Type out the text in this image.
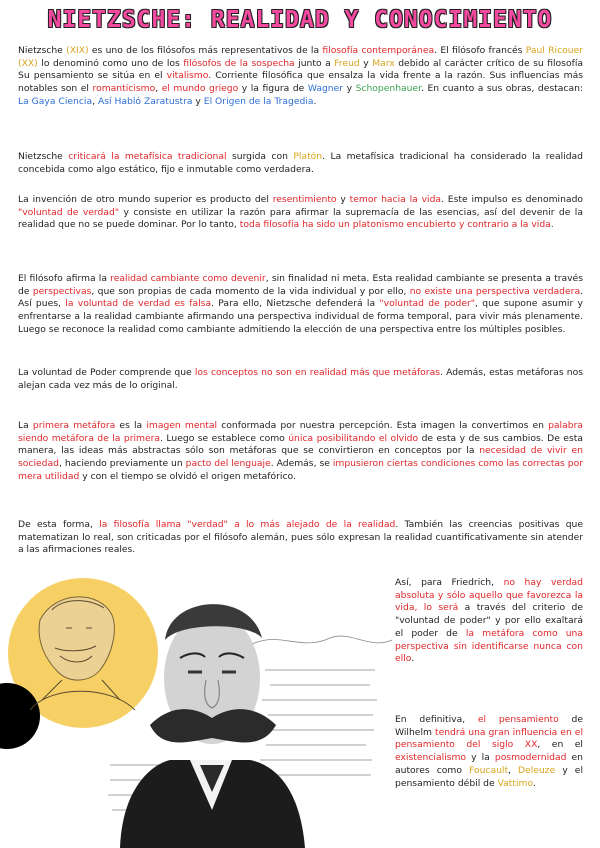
NIETZSCHE: REALIDAD Y CONOCIMIENTO

Nietzsche (XIX) es uno de los filósofos más representativos de la filosofía contemporánea. El filósofo francés Paul Ricouer (XX) lo denominó como uno de los filósofos de la sospecha junto a Freud y Marx debido al carácter crítico de su filosofía Su pensamiento se sitúa en el vitalismo. Corriente filosófica que ensalza la vida frente a la razón. Sus influencias más notables son el romanticismo, el mundo griego y la figura de Wagner y Schopenhauer. En cuanto a sus obras, destacan: La Gaya Ciencia, Así Habló Zaratustra y El Origen de la Tragedia.

Nietzsche criticará la metafísica tradicional surgida con Platón. La metafísica tradicional ha considerado la realidad concebida como algo estático, fijo e inmutable como verdadera.

La invención de otro mundo superior es producto del resentimiento y temor hacia la vida. Este impulso es denominado "voluntad de verdad" y consiste en utilizar la razón para afirmar la supremacía de las esencias, así del devenir de la realidad que no se puede dominar. Por lo tanto, toda filosofía ha sido un platonismo encubierto y contrario a la vida.

El filósofo afirma la realidad cambiante como devenir, sin finalidad ni meta. Esta realidad cambiante se presenta a través de perspectivas, que son propias de cada momento de la vida individual y por ello, no existe una perspectiva verdadera. Así pues, la voluntad de verdad es falsa. Para ello, Nietzsche defenderá la "voluntad de poder", que supone asumir y enfrentarse a la realidad cambiante afirmando una perspectiva individual de forma temporal, para vivir más plenamente. Luego se reconoce la realidad como cambiante admitiendo la elección de una perspectiva entre los múltiples posibles.

La voluntad de Poder comprende que los conceptos no son en realidad más que metáforas. Además, estas metáforas nos alejan cada vez más de lo original.

La primera metáfora es la imagen mental conformada por nuestra percepción. Esta imagen la convertimos en palabra siendo metáfora de la primera. Luego se establece como única posibilitando el olvido de esta y de sus cambios. De esta manera, las ideas más abstractas sólo son metáforas que se convirtieron en conceptos por la necesidad de vivir en sociedad, haciendo previamente un pacto del lenguaje. Además, se impusieron ciertas condiciones como las correctas por mera utilidad y con el tiempo se olvidó el origen metafórico.

De esta forma, la filosofía llama "verdad" a lo más alejado de la realidad. También las creencias positivas que matematizan lo real, son criticadas por el filósofo alemán, pues sólo expresan la realidad cuantificativamente sin atender a las afirmaciones reales.

Así, para Friedrich, no hay verdad absoluta y sólo aquello que favorezca la vida, lo será a través del criterio de "voluntad de poder" y por ello exaltará el poder de la metáfora como una perspectiva sin identificarse nunca con ello.

En definitiva, el pensamiento de Wilhelm tendrá una gran influencia en el pensamiento del siglo XX, en el existencialismo y la posmodernidad en autores como Foucault, Deleuze y el pensamiento débil de Vattimo.
